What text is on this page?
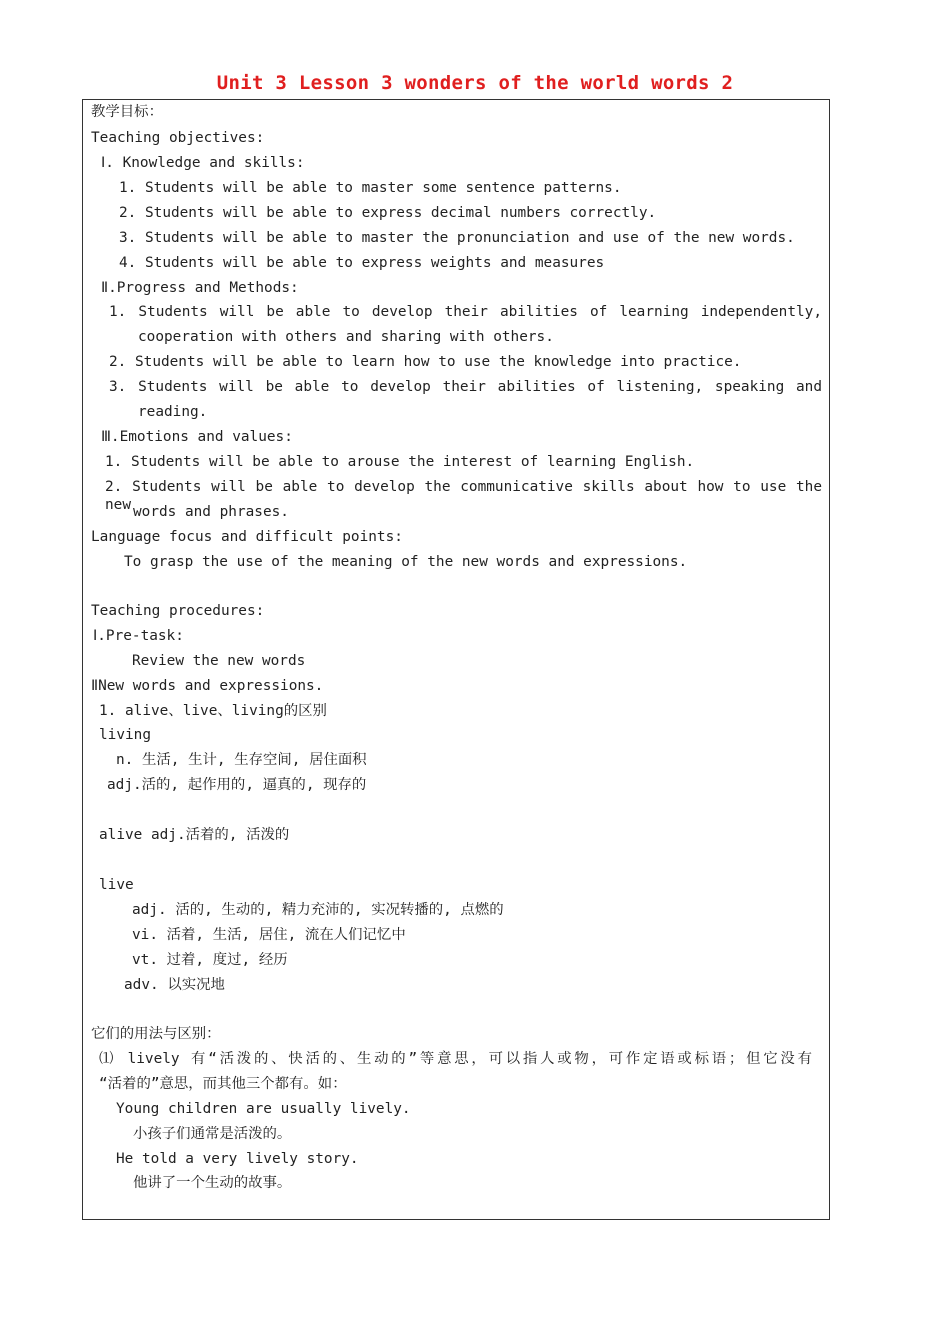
Unit 3 Lesson 3 wonders of the world words 2
教学目标：
Teaching objectives:
Ⅰ. Knowledge and skills:
1. Students will be able to master some sentence patterns.
2. Students will be able to express decimal numbers correctly.
3. Students will be able to master the pronunciation and use of the new words.
4. Students will be able to express weights and measures
Ⅱ.Progress and Methods:
1. Students will be able to develop their abilities of learning independently,
cooperation with others and sharing with others.
2. Students will be able to learn how to use the knowledge into practice.
3. Students will be able to develop their abilities of listening, speaking and
reading.
Ⅲ.Emotions and values:
1. Students will be able to arouse the interest of learning English.
2. Students will be able to develop the communicative skills about how to use the new words and phrases.
Language focus and difficult points:
To grasp the use of the meaning of the new words and expressions.
Teaching procedures:
Ⅰ.Pre-task:
Review the new words
ⅡNew words and expressions.
1. alive、live、living的区别
living
n. 生活, 生计, 生存空间, 居住面积
adj.活的, 起作用的, 逼真的, 现存的
alive adj.活着的, 活泼的
live
adj. 活的, 生动的, 精力充沛的, 实况转播的, 点燃的
vi. 活着, 生活, 居住, 流在人们记忆中
vt. 过着, 度过, 经历
adv. 以实况地
它们的用法与区别：
⑴ lively 有“活泼的、快活的、生动的”等意思，可以指人或物，可作定语或标语；但它没有
“活着的”意思，而其他三个都有。如：
Young children are usually lively.
小孩子们通常是活泼的。
He told a very lively story.
他讲了一个生动的故事。
